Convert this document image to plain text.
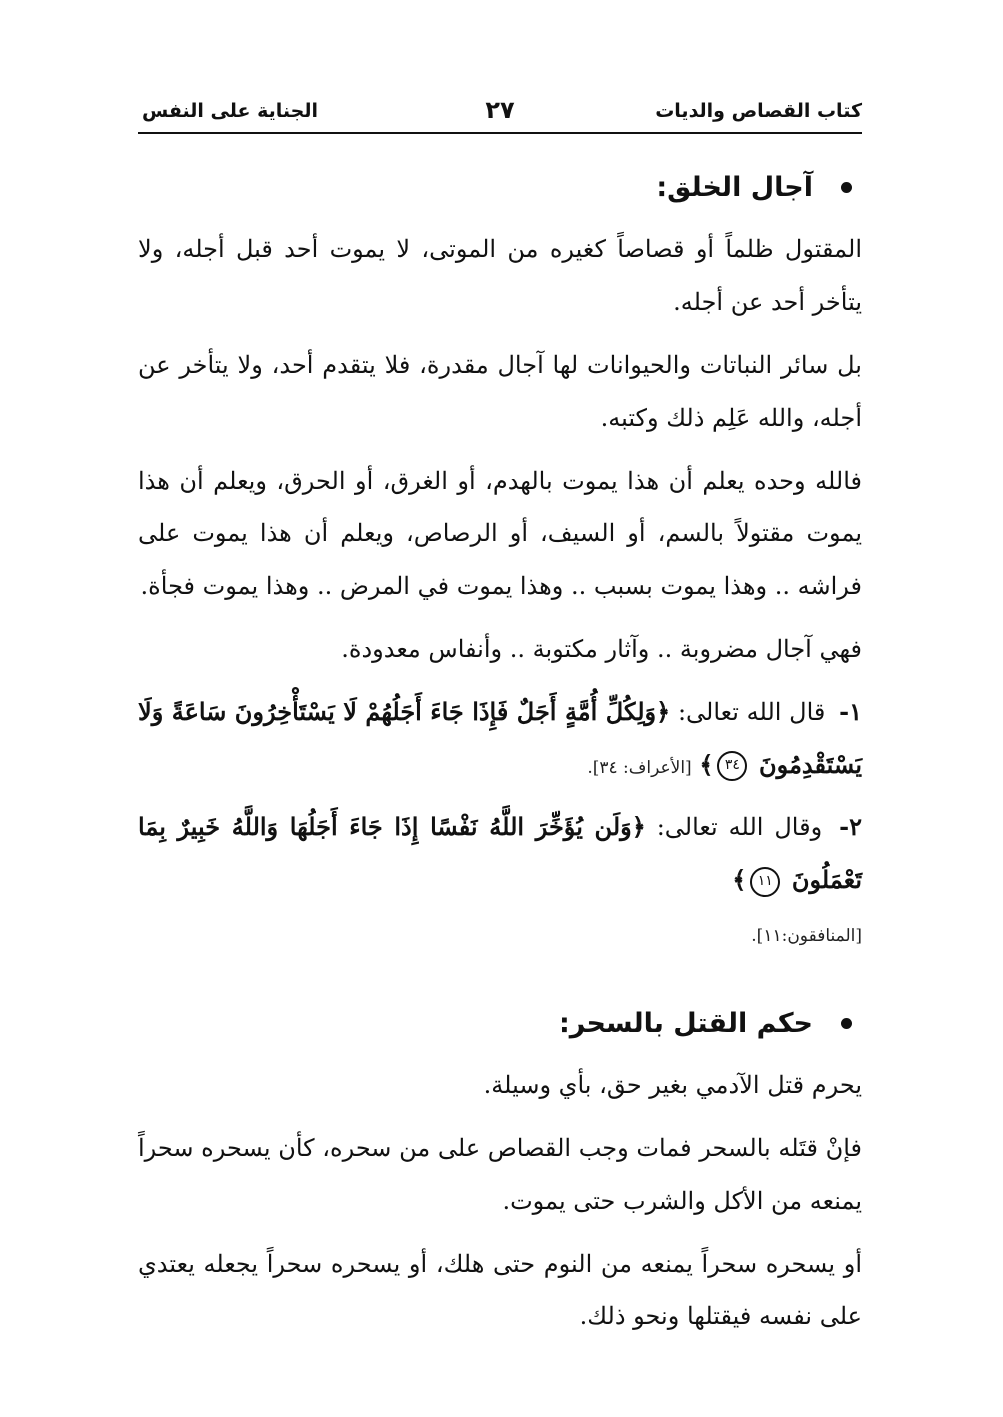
كتاب القصاص والديات
٢٧
الجناية على النفس
آجال الخلق:

المقتول ظلماً أو قصاصاً كغيره من الموتى، لا يموت أحد قبل أجله، ولا يتأخر أحد عن أجله.

بل سائر النباتات والحيوانات لها آجال مقدرة، فلا يتقدم أحد، ولا يتأخر عن أجله، والله عَلِم ذلك وكتبه.

فالله وحده يعلم أن هذا يموت بالهدم، أو الغرق، أو الحرق، ويعلم أن هذا يموت مقتولاً بالسم، أو السيف، أو الرصاص، ويعلم أن هذا يموت على فراشه .. وهذا يموت بسبب .. وهذا يموت في المرض .. وهذا يموت فجأة.

فهي آجال مضروبة .. وآثار مكتوبة .. وأنفاس معدودة.

١- قال الله تعالى: ﴿وَلِكُلِّ أُمَّةٍ أَجَلٌ فَإِذَا جَاءَ أَجَلُهُمْ لَا يَسْتَأْخِرُونَ سَاعَةً وَلَا يَسْتَقْدِمُونَ ٣٤﴾ [الأعراف: ٣٤].

٢- وقال الله تعالى: ﴿وَلَن يُؤَخِّرَ اللَّهُ نَفْسًا إِذَا جَاءَ أَجَلُهَا وَاللَّهُ خَبِيرٌ بِمَا تَعْمَلُونَ ١١﴾
[المنافقون:١١].

حكم القتل بالسحر:

يحرم قتل الآدمي بغير حق، بأي وسيلة.

فإنْ قتَله بالسحر فمات وجب القصاص على من سحره، كأن يسحره سحراً يمنعه من الأكل والشرب حتى يموت.

أو يسحره سحراً يمنعه من النوم حتى هلك، أو يسحره سحراً يجعله يعتدي على نفسه فيقتلها ونحو ذلك.
